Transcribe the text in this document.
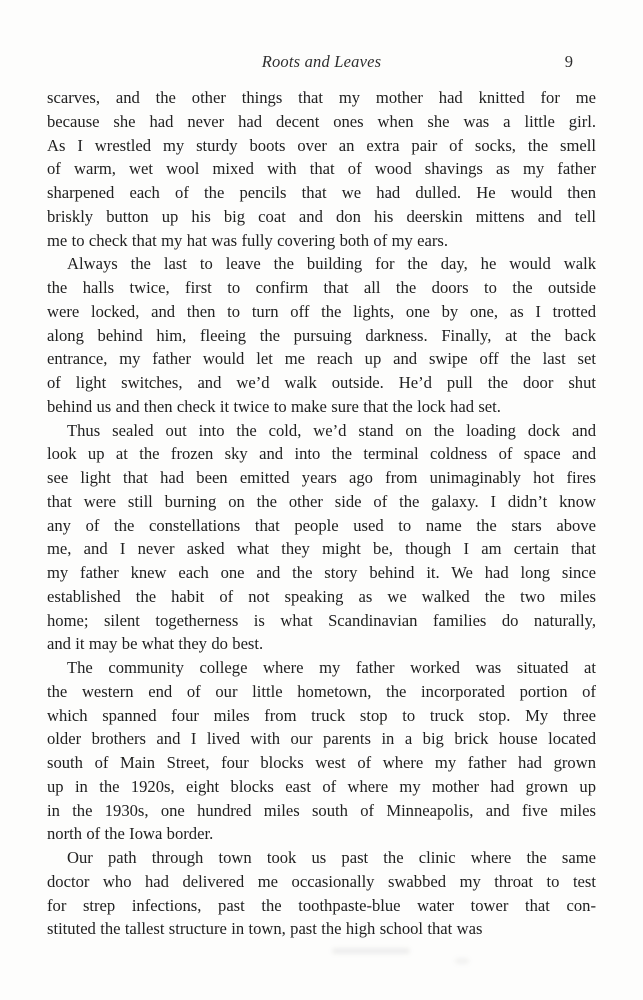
Roots and Leaves	9
scarves, and the other things that my mother had knitted for me
because she had never had decent ones when she was a little girl.
As I wrestled my sturdy boots over an extra pair of socks, the smell
of warm, wet wool mixed with that of wood shavings as my father
sharpened each of the pencils that we had dulled. He would then
briskly button up his big coat and don his deerskin mittens and tell
me to check that my hat was fully covering both of my ears.
Always the last to leave the building for the day, he would walk
the halls twice, first to confirm that all the doors to the outside
were locked, and then to turn off the lights, one by one, as I trotted
along behind him, fleeing the pursuing darkness. Finally, at the back
entrance, my father would let me reach up and swipe off the last set
of light switches, and we’d walk outside. He’d pull the door shut
behind us and then check it twice to make sure that the lock had set.
Thus sealed out into the cold, we’d stand on the loading dock and
look up at the frozen sky and into the terminal coldness of space and
see light that had been emitted years ago from unimaginably hot fires
that were still burning on the other side of the galaxy. I didn’t know
any of the constellations that people used to name the stars above
me, and I never asked what they might be, though I am certain that
my father knew each one and the story behind it. We had long since
established the habit of not speaking as we walked the two miles
home; silent togetherness is what Scandinavian families do naturally,
and it may be what they do best.
The community college where my father worked was situated at
the western end of our little hometown, the incorporated portion of
which spanned four miles from truck stop to truck stop. My three
older brothers and I lived with our parents in a big brick house located
south of Main Street, four blocks west of where my father had grown
up in the 1920s, eight blocks east of where my mother had grown up
in the 1930s, one hundred miles south of Minneapolis, and five miles
north of the Iowa border.
Our path through town took us past the clinic where the same
doctor who had delivered me occasionally swabbed my throat to test
for strep infections, past the toothpaste-blue water tower that con-
stituted the tallest structure in town, past the high school that was
